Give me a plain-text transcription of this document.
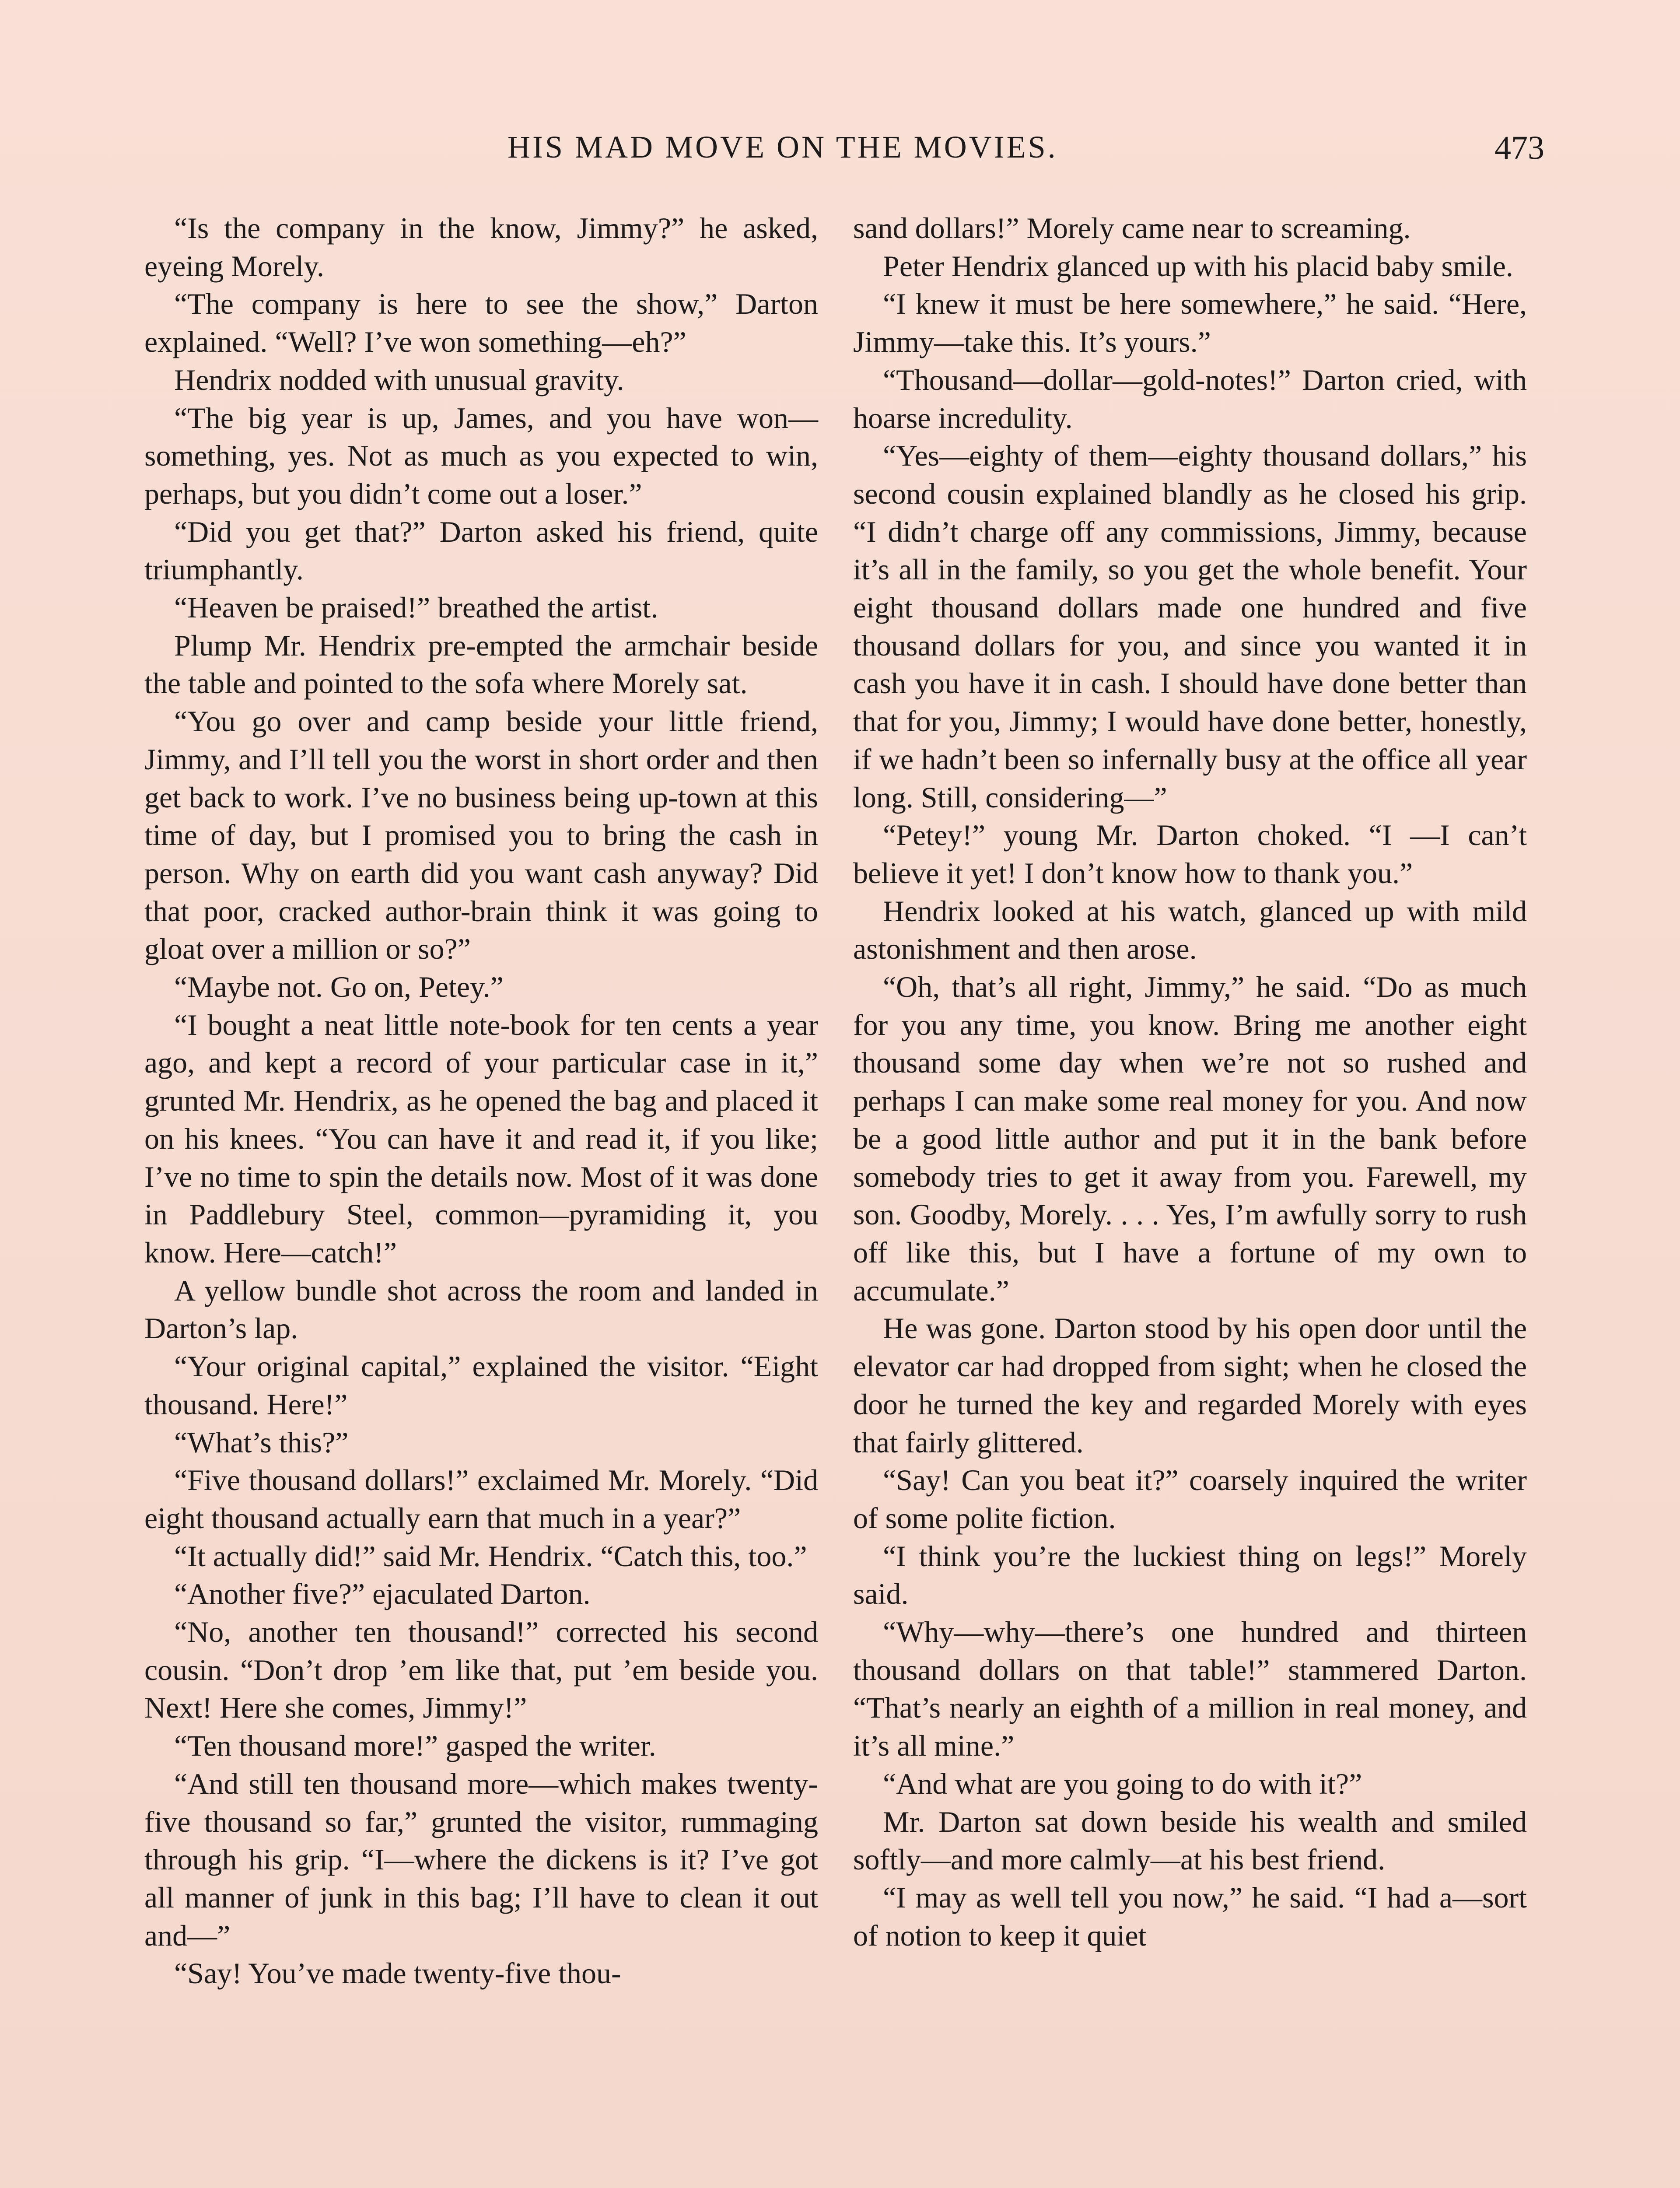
HIS MAD MOVE ON THE MOVIES.	473

“Is the company in the know, Jimmy?” he asked, eyeing Morely.

“The company is here to see the show,” Darton explained. “Well? I’ve won something—eh?”

Hendrix nodded with unusual gravity.

“The big year is up, James, and you have won—something, yes. Not as much as you expected to win, perhaps, but you didn’t come out a loser.”

“Did you get that?” Darton asked his friend, quite triumphantly.

“Heaven be praised!” breathed the artist.

Plump Mr. Hendrix pre-empted the armchair beside the table and pointed to the sofa where Morely sat.

“You go over and camp beside your little friend, Jimmy, and I’ll tell you the worst in short order and then get back to work. I’ve no business being up-town at this time of day, but I promised you to bring the cash in person. Why on earth did you want cash anyway? Did that poor, cracked author-brain think it was going to gloat over a million or so?”

“Maybe not. Go on, Petey.”

“I bought a neat little note-book for ten cents a year ago, and kept a record of your particular case in it,” grunted Mr. Hendrix, as he opened the bag and placed it on his knees. “You can have it and read it, if you like; I’ve no time to spin the details now. Most of it was done in Paddlebury Steel, common—pyramiding it, you know. Here—catch!”

A yellow bundle shot across the room and landed in Darton’s lap.

“Your original capital,” explained the visitor. “Eight thousand. Here!”

“What’s this?”

“Five thousand dollars!” exclaimed Mr. Morely. “Did eight thousand actually earn that much in a year?”

“It actually did!” said Mr. Hendrix. “Catch this, too.”

“Another five?” ejaculated Darton.

“No, another ten thousand!” corrected his second cousin. “Don’t drop ’em like that, put ’em beside you. Next! Here she comes, Jimmy!”

“Ten thousand more!” gasped the writer.

“And still ten thousand more—which makes twenty-five thousand so far,” grunted the visitor, rummaging through his grip. “I—where the dickens is it? I’ve got all manner of junk in this bag; I’ll have to clean it out and—”

“Say! You’ve made twenty-five thou-

sand dollars!” Morely came near to screaming.

Peter Hendrix glanced up with his placid baby smile.

“I knew it must be here somewhere,” he said. “Here, Jimmy—take this. It’s yours.”

“Thousand—dollar—gold-notes!” Darton cried, with hoarse incredulity.

“Yes—eighty of them—eighty thousand dollars,” his second cousin explained blandly as he closed his grip. “I didn’t charge off any commissions, Jimmy, because it’s all in the family, so you get the whole benefit. Your eight thousand dollars made one hundred and five thousand dollars for you, and since you wanted it in cash you have it in cash. I should have done better than that for you, Jimmy; I would have done better, honestly, if we hadn’t been so infernally busy at the office all year long. Still, considering—”

“Petey!” young Mr. Darton choked. “I —I can’t believe it yet! I don’t know how to thank you.”

Hendrix looked at his watch, glanced up with mild astonishment and then arose.

“Oh, that’s all right, Jimmy,” he said. “Do as much for you any time, you know. Bring me another eight thousand some day when we’re not so rushed and perhaps I can make some real money for you. And now be a good little author and put it in the bank before somebody tries to get it away from you. Farewell, my son. Goodby, Morely. . . . Yes, I’m awfully sorry to rush off like this, but I have a fortune of my own to accumulate.”

He was gone. Darton stood by his open door until the elevator car had dropped from sight; when he closed the door he turned the key and regarded Morely with eyes that fairly glittered.

“Say! Can you beat it?” coarsely inquired the writer of some polite fiction.

“I think you’re the luckiest thing on legs!” Morely said.

“Why—why—there’s one hundred and thirteen thousand dollars on that table!” stammered Darton. “That’s nearly an eighth of a million in real money, and it’s all mine.”

“And what are you going to do with it?”

Mr. Darton sat down beside his wealth and smiled softly—and more calmly—at his best friend.

“I may as well tell you now,” he said. “I had a—sort of notion to keep it quiet
